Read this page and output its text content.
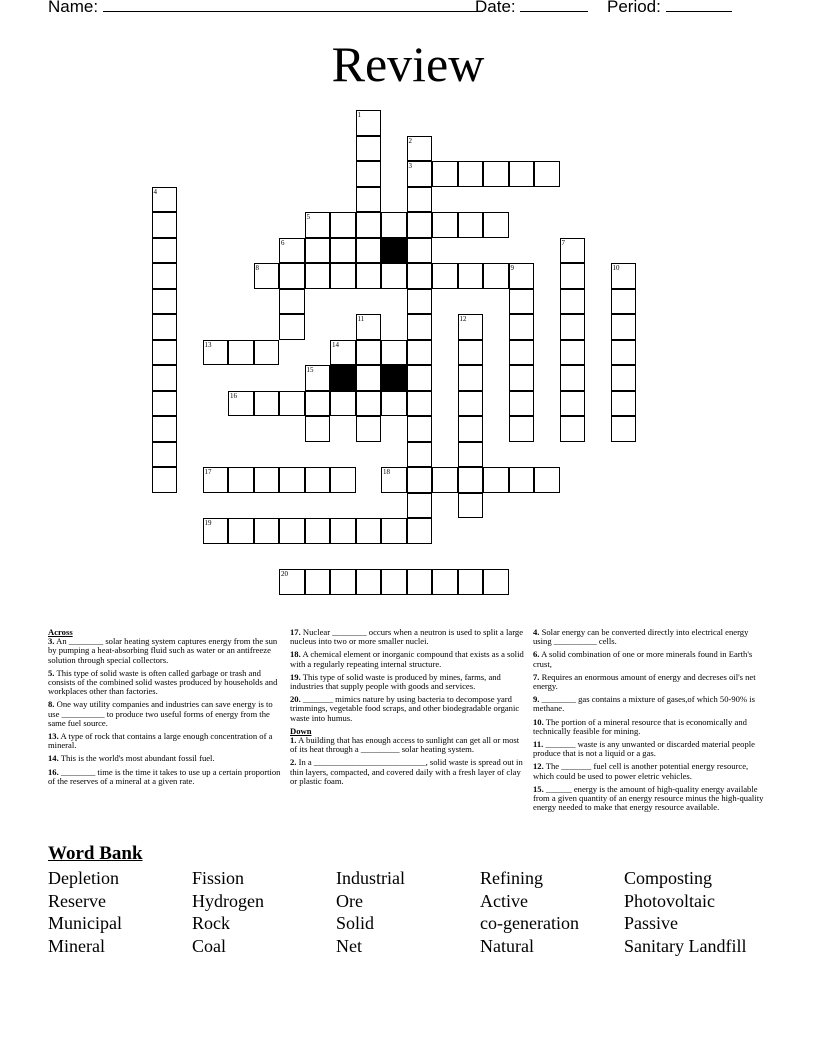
Name:	Date:	Period:
Review
1
2
3
4
5
6	7
8	9	10
11	12
13	14
15
16
17	18
19
20

Across

3. An ________ solar heating system captures energy from the sun by pumping a heat-absorbing fluid such as water or an antifreeze solution through special collectors.

5. This type of solid waste is often called garbage or trash and consists of the combined solid wastes produced by households and workplaces other than factories.

8. One way utility companies and industries can save energy is to use __________ to produce two useful forms of energy from the same fuel source.

13. A type of rock that contains a large enough concentration of a mineral.

14. This is the world's most abundant fossil fuel.

16. ________ time is the time it takes to use up a certain proportion of the reserves of a mineral at a given rate.

17. Nuclear ________ occurs when a neutron is used to split a large nucleus into two or more smaller nuclei.

18. A chemical element or inorganic compound that exists as a solid with a regularly repeating internal structure.

19. This type of solid waste is produced by mines, farms, and industries that supply people with goods and services.

20. _______ mimics nature by using bacteria to decompose yard trimmings, vegetable food scraps, and other biodegradable organic waste into humus.

Down

1. A building that has enough access to sunlight can get all or most of its heat through a _________ solar heating system.

2. In a __________________________, solid waste is spread out in thin layers, compacted, and covered daily with a fresh layer of clay or plastic foam.

4. Solar energy can be converted directly into electrical energy using __________ cells.

6. A solid combination of one or more minerals found in Earth's crust,

7. Requires an enormous amount of energy and decreses oil's net energy.

9. ________ gas contains a mixture of gases,of which 50-90% is methane.

10. The portion of a mineral resource that is economically and technically feasible for mining.

11. _______ waste is any unwanted or discarded material people produce that is not a liquid or a gas.

12. The _______ fuel cell is another potential energy resource, which could be used to power eletric vehicles.

15. ______ energy is the amount of high-quality energy available from a given quantity of an energy resource minus the high-quality energy needed to make that energy resource available.

Word Bank
Depletion	Fission	Industrial	Refining	Composting
Reserve	Hydrogen	Ore	Active	Photovoltaic
Municipal	Rock	Solid	co-generation	Passive
Mineral	Coal	Net	Natural	Sanitary Landfill
